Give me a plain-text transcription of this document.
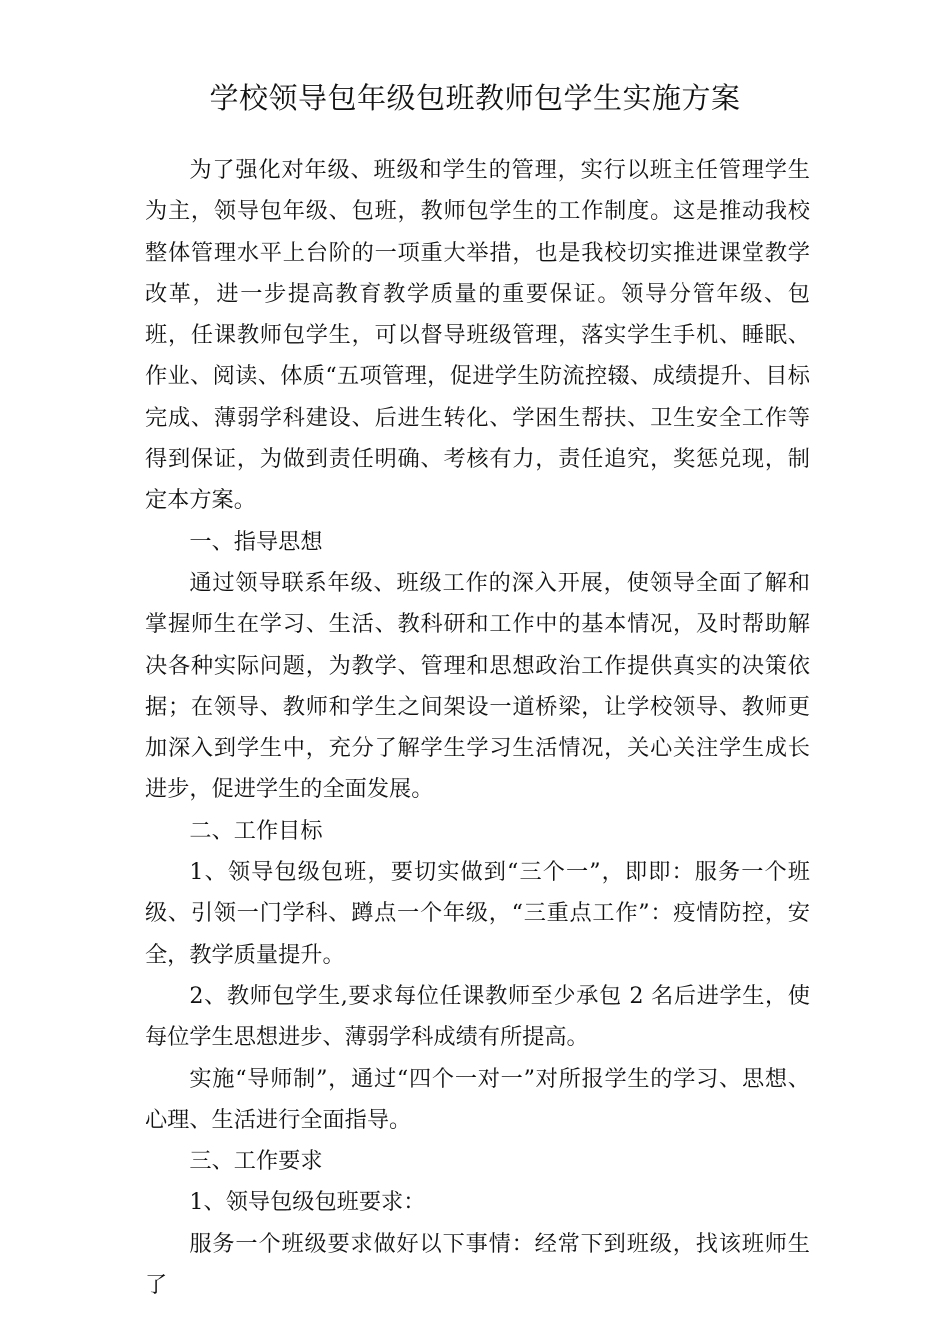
学校领导包年级包班教师包学生实施方案

为了强化对年级、班级和学生的管理，实行以班主任管理学生为主，领导包年级、包班，教师包学生的工作制度。这是推动我校整体管理水平上台阶的一项重大举措，也是我校切实推进课堂教学改革，进一步提高教育教学质量的重要保证。领导分管年级、包班，任课教师包学生，可以督导班级管理，落实学生手机、睡眠、作业、阅读、体质“五项管理，促进学生防流控辍、成绩提升、目标完成、薄弱学科建设、后进生转化、学困生帮扶、卫生安全工作等得到保证，为做到责任明确、考核有力，责任追究，奖惩兑现，制定本方案。

一、指导思想

通过领导联系年级、班级工作的深入开展，使领导全面了解和掌握师生在学习、生活、教科研和工作中的基本情况，及时帮助解决各种实际问题，为教学、管理和思想政治工作提供真实的决策依据；在领导、教师和学生之间架设一道桥梁，让学校领导、教师更加深入到学生中，充分了解学生学习生活情况，关心关注学生成长进步，促进学生的全面发展。

二、工作目标

1、领导包级包班，要切实做到“三个一”，即即：服务一个班级、引领一门学科、蹲点一个年级，“三重点工作”：疫情防控，安全，教学质量提升。

2、教师包学生,要求每位任课教师至少承包 2 名后进学生，使每位学生思想进步、薄弱学科成绩有所提高。

实施“导师制”，通过“四个一对一”对所报学生的学习、思想、心理、生活进行全面指导。

三、工作要求

1、领导包级包班要求：

服务一个班级要求做好以下事情：经常下到班级，找该班师生了
